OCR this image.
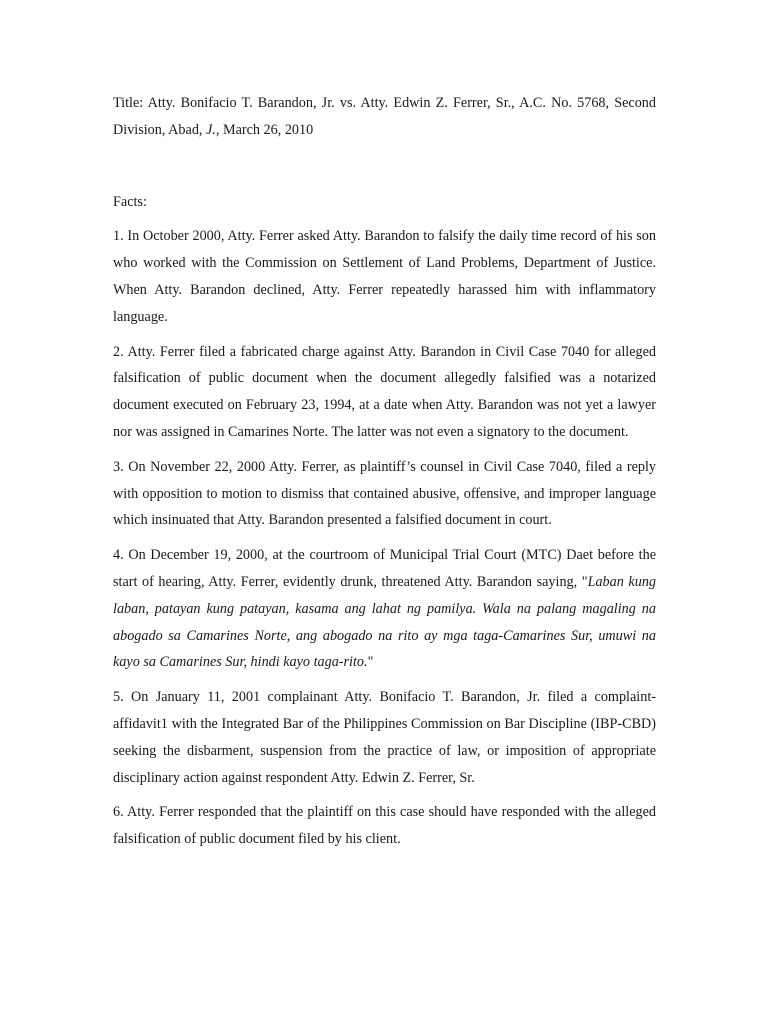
Title: Atty. Bonifacio T. Barandon, Jr. vs. Atty. Edwin Z. Ferrer, Sr., A.C. No. 5768, Second Division, Abad, J., March 26, 2010

Facts:

1. In October 2000, Atty. Ferrer asked Atty. Barandon to falsify the daily time record of his son who worked with the Commission on Settlement of Land Problems, Department of Justice. When Atty. Barandon declined, Atty. Ferrer repeatedly harassed him with inflammatory language.

2. Atty. Ferrer filed a fabricated charge against Atty. Barandon in Civil Case 7040 for alleged falsification of public document when the document allegedly falsified was a notarized document executed on February 23, 1994, at a date when Atty. Barandon was not yet a lawyer nor was assigned in Camarines Norte. The latter was not even a signatory to the document.

3. On November 22, 2000 Atty. Ferrer, as plaintiff’s counsel in Civil Case 7040, filed a reply with opposition to motion to dismiss that contained abusive, offensive, and improper language which insinuated that Atty. Barandon presented a falsified document in court.

4. On December 19, 2000, at the courtroom of Municipal Trial Court (MTC) Daet before the start of hearing, Atty. Ferrer, evidently drunk, threatened Atty. Barandon saying, "Laban kung laban, patayan kung patayan, kasama ang lahat ng pamilya. Wala na palang magaling na abogado sa Camarines Norte, ang abogado na rito ay mga taga-Camarines Sur, umuwi na kayo sa Camarines Sur, hindi kayo taga-rito."

5. On January 11, 2001 complainant Atty. Bonifacio T. Barandon, Jr. filed a complaint-affidavit1 with the Integrated Bar of the Philippines Commission on Bar Discipline (IBP-CBD) seeking the disbarment, suspension from the practice of law, or imposition of appropriate disciplinary action against respondent Atty. Edwin Z. Ferrer, Sr.

6. Atty. Ferrer responded that the plaintiff on this case should have responded with the alleged falsification of public document filed by his client.
